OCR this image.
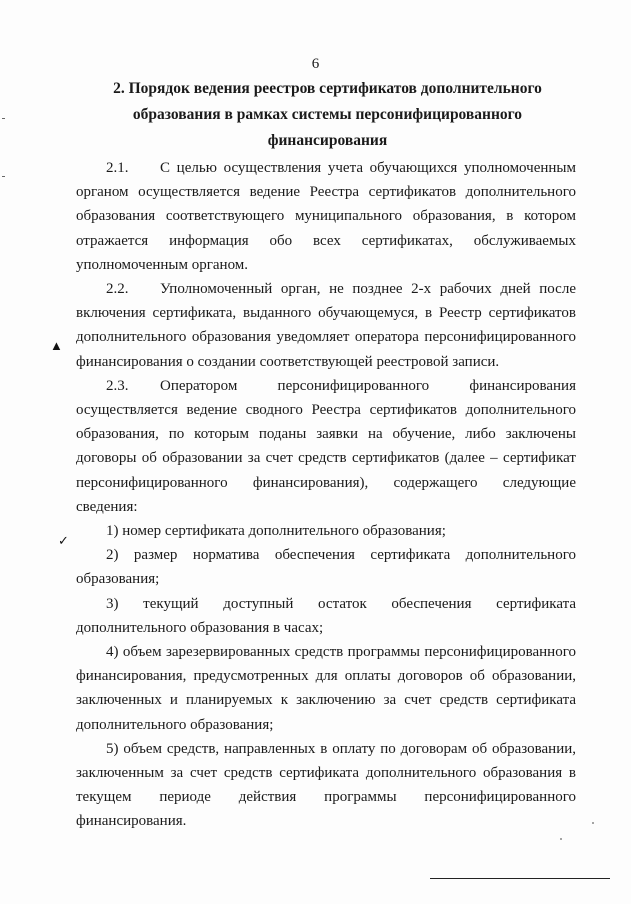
6
2. Порядок ведения реестров сертификатов дополнительного
образования в рамках системы персонифицированного
финансирования

2.1. С целью осуществления учета обучающихся уполномоченным органом осуществляется ведение Реестра сертификатов дополнительного образования соответствующего муниципального образования, в котором отражается информация обо всех сертификатах, обслуживаемых уполномоченным органом.

2.2. Уполномоченный орган, не позднее 2-х рабочих дней после включения сертификата, выданного обучающемуся, в Реестр сертификатов дополнительного образования уведомляет оператора персонифицированного финансирования о создании соответствующей реестровой записи.

2.3. Оператором персонифицированного финансирования осуществляется ведение сводного Реестра сертификатов дополнительного образования, по которым поданы заявки на обучение, либо заключены договоры об образовании за счет средств сертификатов (далее – сертификат персонифицированного финансирования), содержащего следующие сведения:

1) номер сертификата дополнительного образования;

2) размер норматива обеспечения сертификата дополнительного образования;

3) текущий доступный остаток обеспечения сертификата дополнительного образования в часах;

4) объем зарезервированных средств программы персонифицированного финансирования, предусмотренных для оплаты договоров об образовании, заключенных и планируемых к заключению за счет средств сертификата дополнительного образования;

5) объем средств, направленных в оплату по договорам об образовании, заключенным за счет средств сертификата дополнительного образования в текущем периоде действия программы персонифицированного финансирования.

▲
✓
